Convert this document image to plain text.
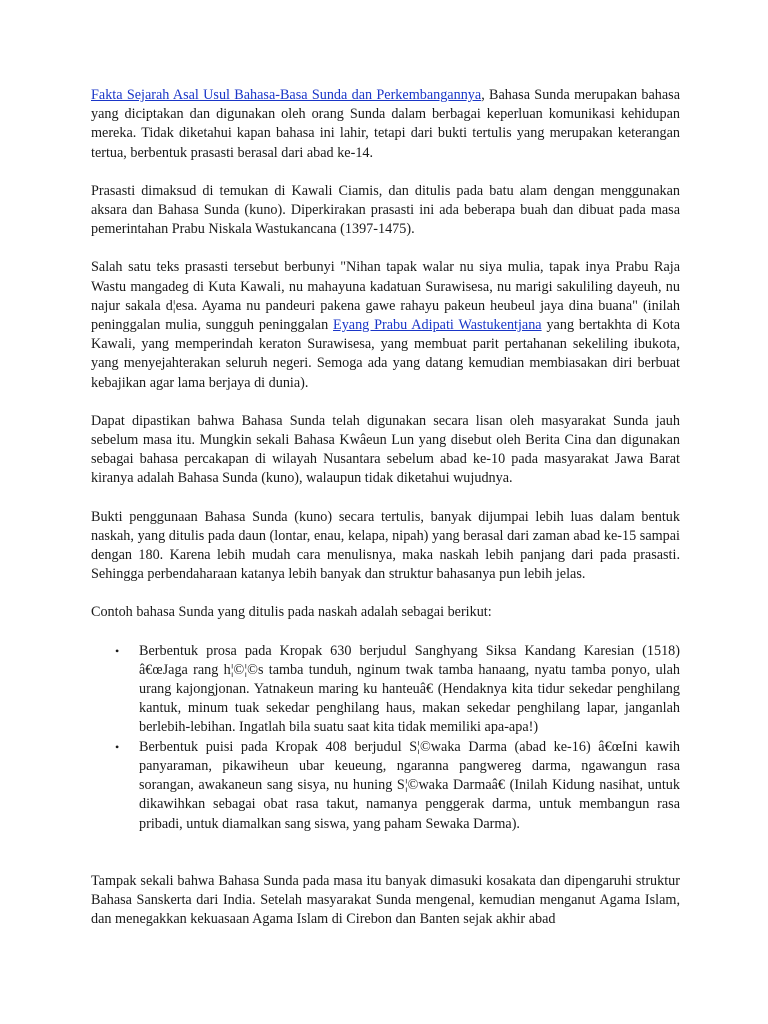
Fakta Sejarah Asal Usul Bahasa-Basa Sunda dan Perkembangannya, Bahasa Sunda merupakan bahasa yang diciptakan dan digunakan oleh orang Sunda dalam berbagai keperluan komunikasi kehidupan mereka. Tidak diketahui kapan bahasa ini lahir, tetapi dari bukti tertulis yang merupakan keterangan tertua, berbentuk prasasti berasal dari abad ke-14.

Prasasti dimaksud di temukan di Kawali Ciamis, dan ditulis pada batu alam dengan menggunakan aksara dan Bahasa Sunda (kuno). Diperkirakan prasasti ini ada beberapa buah dan dibuat pada masa pemerintahan Prabu Niskala Wastukancana (1397-1475).

Salah satu teks prasasti tersebut berbunyi "Nihan tapak walar nu siya mulia, tapak inya Prabu Raja Wastu mangadeg di Kuta Kawali, nu mahayuna kadatuan Surawisesa, nu marigi sakuliling dayeuh, nu najur sakala d¦esa. Ayama nu pandeuri pakena gawe rahayu pakeun heubeul jaya dina buana" (inilah peninggalan mulia, sungguh peninggalan Eyang Prabu Adipati Wastukentjana yang bertakhta di Kota Kawali, yang memperindah keraton Surawisesa, yang membuat parit pertahanan sekeliling ibukota, yang menyejahterakan seluruh negeri. Semoga ada yang datang kemudian membiasakan diri berbuat kebajikan agar lama berjaya di dunia).

Dapat dipastikan bahwa Bahasa Sunda telah digunakan secara lisan oleh masyarakat Sunda jauh sebelum masa itu. Mungkin sekali Bahasa Kwâeun Lun yang disebut oleh Berita Cina dan digunakan sebagai bahasa percakapan di wilayah Nusantara sebelum abad ke-10 pada masyarakat Jawa Barat kiranya adalah Bahasa Sunda (kuno), walaupun tidak diketahui wujudnya.

Bukti penggunaan Bahasa Sunda (kuno) secara tertulis, banyak dijumpai lebih luas dalam bentuk naskah, yang ditulis pada daun (lontar, enau, kelapa, nipah) yang berasal dari zaman abad ke-15 sampai dengan 180. Karena lebih mudah cara menulisnya, maka naskah lebih panjang dari pada prasasti. Sehingga perbendaharaan katanya lebih banyak dan struktur bahasanya pun lebih jelas.

Contoh bahasa Sunda yang ditulis pada naskah adalah sebagai berikut:

• Berbentuk prosa pada Kropak 630 berjudul Sanghyang Siksa Kandang Karesian (1518) â€œJaga rang h¦©¦©s tamba tunduh, nginum twak tamba hanaang, nyatu tamba ponyo, ulah urang kajongjonan. Yatnakeun maring ku hanteuâ€ (Hendaknya kita tidur sekedar penghilang kantuk, minum tuak sekedar penghilang haus, makan sekedar penghilang lapar, janganlah berlebih-lebihan. Ingatlah bila suatu saat kita tidak memiliki apa-apa!)
• Berbentuk puisi pada Kropak 408 berjudul S¦©waka Darma (abad ke-16) â€œIni kawih panyaraman, pikawiheun ubar keueung, ngaranna pangwereg darma, ngawangun rasa sorangan, awakaneun sang sisya, nu huning S¦©waka Darmaâ€ (Inilah Kidung nasihat, untuk dikawihkan sebagai obat rasa takut, namanya penggerak darma, untuk membangun rasa pribadi, untuk diamalkan sang siswa, yang paham Sewaka Darma).

Tampak sekali bahwa Bahasa Sunda pada masa itu banyak dimasuki kosakata dan dipengaruhi struktur Bahasa Sanskerta dari India. Setelah masyarakat Sunda mengenal, kemudian menganut Agama Islam, dan menegakkan kekuasaan Agama Islam di Cirebon dan Banten sejak akhir abad
